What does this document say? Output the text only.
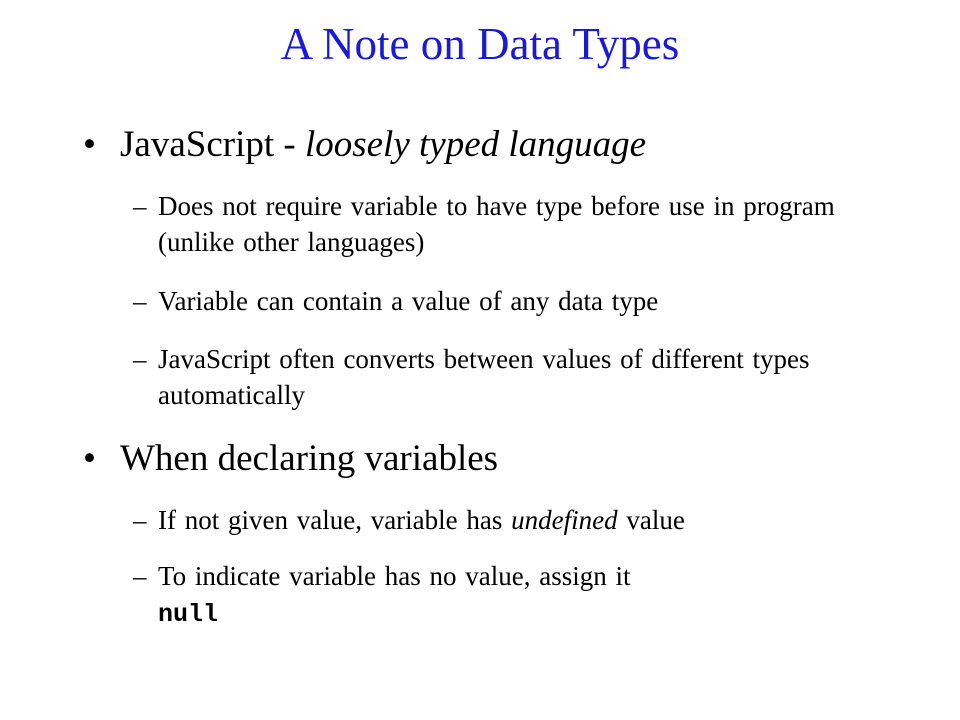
A Note on Data Types
• JavaScript - loosely typed language
– Does not require variable to have type before use in program (unlike other languages)
– Variable can contain a value of any data type
– JavaScript often converts between values of different types automatically
• When declaring variables
– If not given value, variable has undefined value
– To indicate variable has no value, assign it
null
